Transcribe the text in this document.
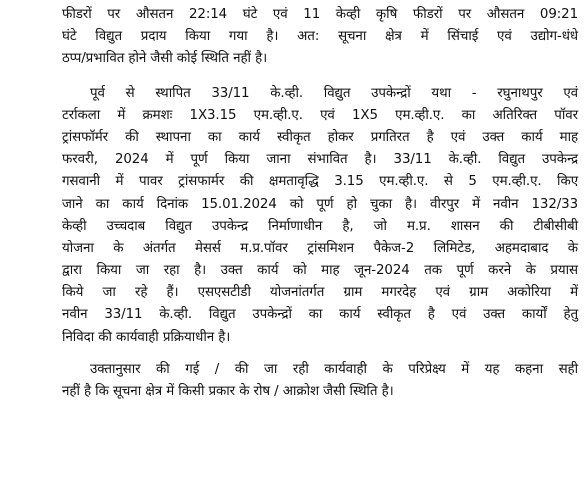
फीडरों पर औसतन 22:14 घंटे एवं 11 केव्ही कृषि फीडरों पर औसतन 09:21
घंटे विद्युत प्रदाय किया गया है। अत: सूचना क्षेत्र में सिंचाई एवं उद्योग-धंधे
ठप्प/प्रभावित होने जैसी कोई स्थिति नहीं है।
पूर्व से स्थापित 33/11 के.व्ही. विद्युत उपकेन्द्रों यथा - रघुनाथपुर एवं
टर्राकला में क्रमशः 1X3.15 एम.व्ही.ए. एवं 1X5 एम.व्ही.ए. का अतिरिक्त पॉवर
ट्रांसफॉर्मर की स्थापना का कार्य स्वीकृत होकर प्रगतिरत है एवं उक्त कार्य माह
फरवरी, 2024 में पूर्ण किया जाना संभावित है। 33/11 के.व्ही. विद्युत उपकेन्द्र
गसवानी में पावर ट्रांसफार्मर की क्षमतावृद्धि 3.15 एम.व्ही.ए. से 5 एम.व्ही.ए. किए
जाने का कार्य दिनांक 15.01.2024 को पूर्ण हो चुका है। वीरपुर में नवीन 132/33
केव्ही उच्चदाब विद्युत उपकेन्द्र निर्माणाधीन है, जो म.प्र. शासन की टीबीसीबी
योजना के अंतर्गत मेसर्स म.प्र.पॉवर ट्रांसमिशन पैकेज-2 लिमिटेड, अहमदाबाद के
द्वारा किया जा रहा है। उक्त कार्य को माह जून-2024 तक पूर्ण करने के प्रयास
किये जा रहे हैं। एसएसटीडी योजनांतर्गत ग्राम मगरदेह एवं ग्राम अकोरिया में
नवीन 33/11 के.व्ही. विद्युत उपकेन्द्रों का कार्य स्वीकृत है एवं उक्त कार्यों हेतु
निविदा की कार्यवाही प्रक्रियाधीन है।
उक्तानुसार की गई / की जा रही कार्यवाही के परिप्रेक्ष्य में यह कहना सही
नहीं है कि सूचना क्षेत्र में किसी प्रकार के रोष / आक्रोश जैसी स्थिति है।
